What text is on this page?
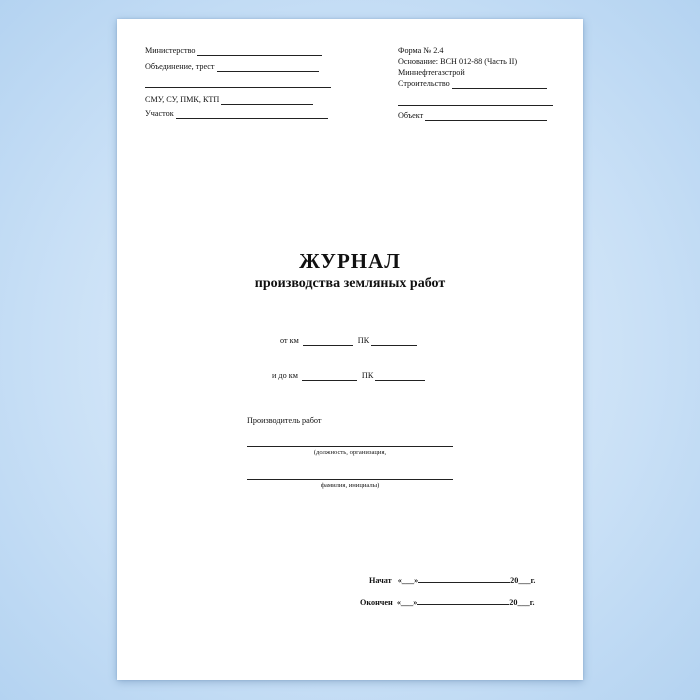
Министерство
Объединение, трест
СМУ, СУ, ПМК, КТП
Участок
Форма № 2.4
Основание: ВСН 012-88 (Часть II)
Миннефтегазстрой
Строительство
Объект
ЖУРНАЛ
производства земляных работ
от км	ПК
и до км	ПК
Производитель работ
(должность, организация,
фамилия, инициалы)
Начат «___»	20___г.
Окончен «___»	20___г.
